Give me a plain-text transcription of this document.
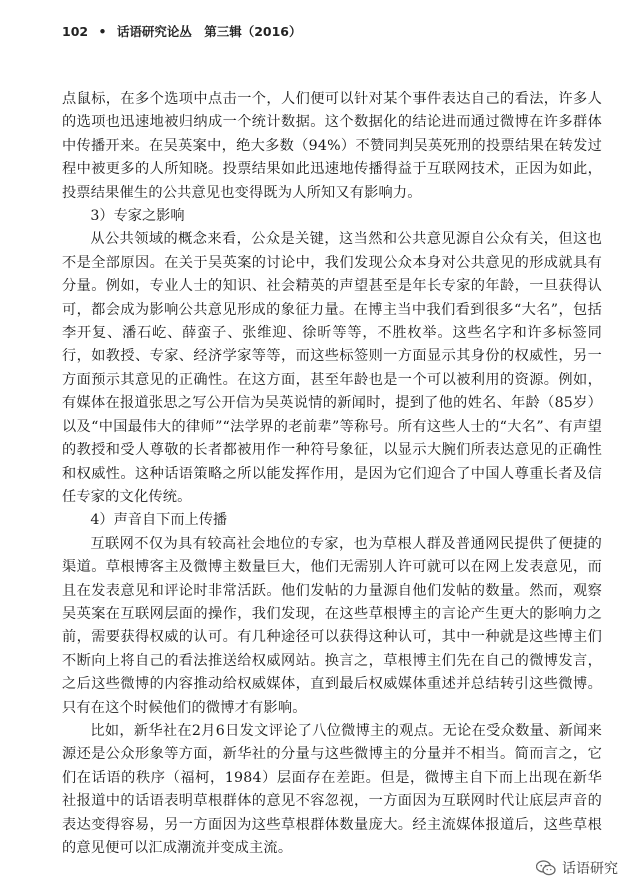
102 • 话语研究论丛 第三辑（2016）

点鼠标，在多个选项中点击一个，人们便可以针对某个事件表达自己的看法，许多人的选项也迅速地被归纳成一个统计数据。这个数据化的结论进而通过微博在许多群体中传播开来。在吴英案中，绝大多数（94%）不赞同判吴英死刑的投票结果在转发过程中被更多的人所知晓。投票结果如此迅速地传播得益于互联网技术，正因为如此，投票结果催生的公共意见也变得既为人所知又有影响力。

3）专家之影响

从公共领域的概念来看，公众是关键，这当然和公共意见源自公众有关，但这也不是全部原因。在关于吴英案的讨论中，我们发现公众本身对公共意见的形成就具有分量。例如，专业人士的知识、社会精英的声望甚至是年长专家的年龄，一旦获得认可，都会成为影响公共意见形成的象征力量。在博主当中我们看到很多“大名”，包括李开复、潘石屹、薛蛮子、张维迎、徐昕等等，不胜枚举。这些名字和许多标签同行，如教授、专家、经济学家等等，而这些标签则一方面显示其身份的权威性，另一方面预示其意见的正确性。在这方面，甚至年龄也是一个可以被利用的资源。例如，有媒体在报道张思之写公开信为吴英说情的新闻时，提到了他的姓名、年龄（85岁）以及“中国最伟大的律师”“法学界的老前辈”等称号。所有这些人士的“大名”、有声望的教授和受人尊敬的长者都被用作一种符号象征，以显示大腕们所表达意见的正确性和权威性。这种话语策略之所以能发挥作用，是因为它们迎合了中国人尊重长者及信任专家的文化传统。

4）声音自下而上传播

互联网不仅为具有较高社会地位的专家，也为草根人群及普通网民提供了便捷的渠道。草根博客主及微博主数量巨大，他们无需别人许可就可以在网上发表意见，而且在发表意见和评论时非常活跃。他们发帖的力量源自他们发帖的数量。然而，观察吴英案在互联网层面的操作，我们发现，在这些草根博主的言论产生更大的影响力之前，需要获得权威的认可。有几种途径可以获得这种认可，其中一种就是这些博主们不断向上将自己的看法推送给权威网站。换言之，草根博主们先在自己的微博发言，之后这些微博的内容推动给权威媒体，直到最后权威媒体重述并总结转引这些微博。只有在这个时候他们的微博才有影响。

比如，新华社在2月6日发文评论了八位微博主的观点。无论在受众数量、新闻来源还是公众形象等方面，新华社的分量与这些微博主的分量并不相当。简而言之，它们在话语的秩序（福柯，1984）层面存在差距。但是，微博主自下而上出现在新华社报道中的话语表明草根群体的意见不容忽视，一方面因为互联网时代让底层声音的表达变得容易，另一方面因为这些草根群体数量庞大。经主流媒体报道后，这些草根的意见便可以汇成潮流并变成主流。

话语研究
